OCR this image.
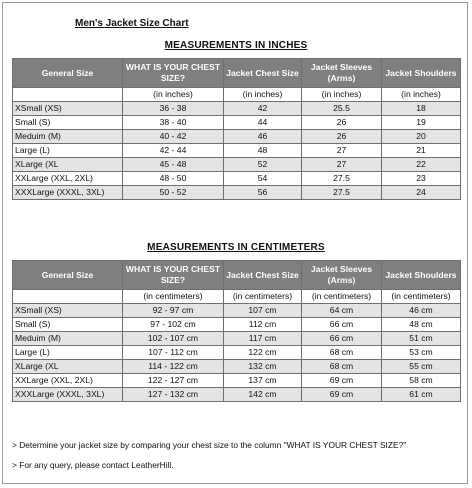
Men's Jacket Size Chart
MEASUREMENTS IN INCHES
General Size	WHAT IS YOUR CHEST SIZE?	Jacket Chest Size	Jacket Sleeves (Arms)	Jacket Shoulders
	(in inches)	(in inches)	(in inches)	(in inches)
XSmall (XS)	36 - 38	42	25.5	18
Small (S)	38 - 40	44	26	19
Meduim (M)	40 - 42	46	26	20
Large (L)	42 - 44	48	27	21
XLarge (XL	45 - 48	52	27	22
XXLarge (XXL, 2XL)	48 - 50	54	27.5	23
XXXLarge (XXXL, 3XL)	50 - 52	56	27.5	24
MEASUREMENTS IN CENTIMETERS
General Size	WHAT IS YOUR CHEST SIZE?	Jacket Chest Size	Jacket Sleeves (Arms)	Jacket Shoulders
	(in centimeters)	(in centimeters)	(in centimeters)	(in centimeters)
XSmall (XS)	92 - 97 cm	107 cm	64 cm	46 cm
Small (S)	97 - 102 cm	112 cm	66 cm	48 cm
Meduim (M)	102 - 107 cm	117 cm	66 cm	51 cm
Large (L)	107 - 112 cm	122 cm	68 cm	53 cm
XLarge (XL	114 - 122 cm	132 cm	68 cm	55 cm
XXLarge (XXL, 2XL)	122 - 127 cm	137 cm	69 cm	58 cm
XXXLarge (XXXL, 3XL)	127 - 132 cm	142 cm	69 cm	61 cm
> Determine your jacket size by comparing your chest size to the column "WHAT IS YOUR CHEST SIZE?"
> For any query, please contact LeatherHill.
